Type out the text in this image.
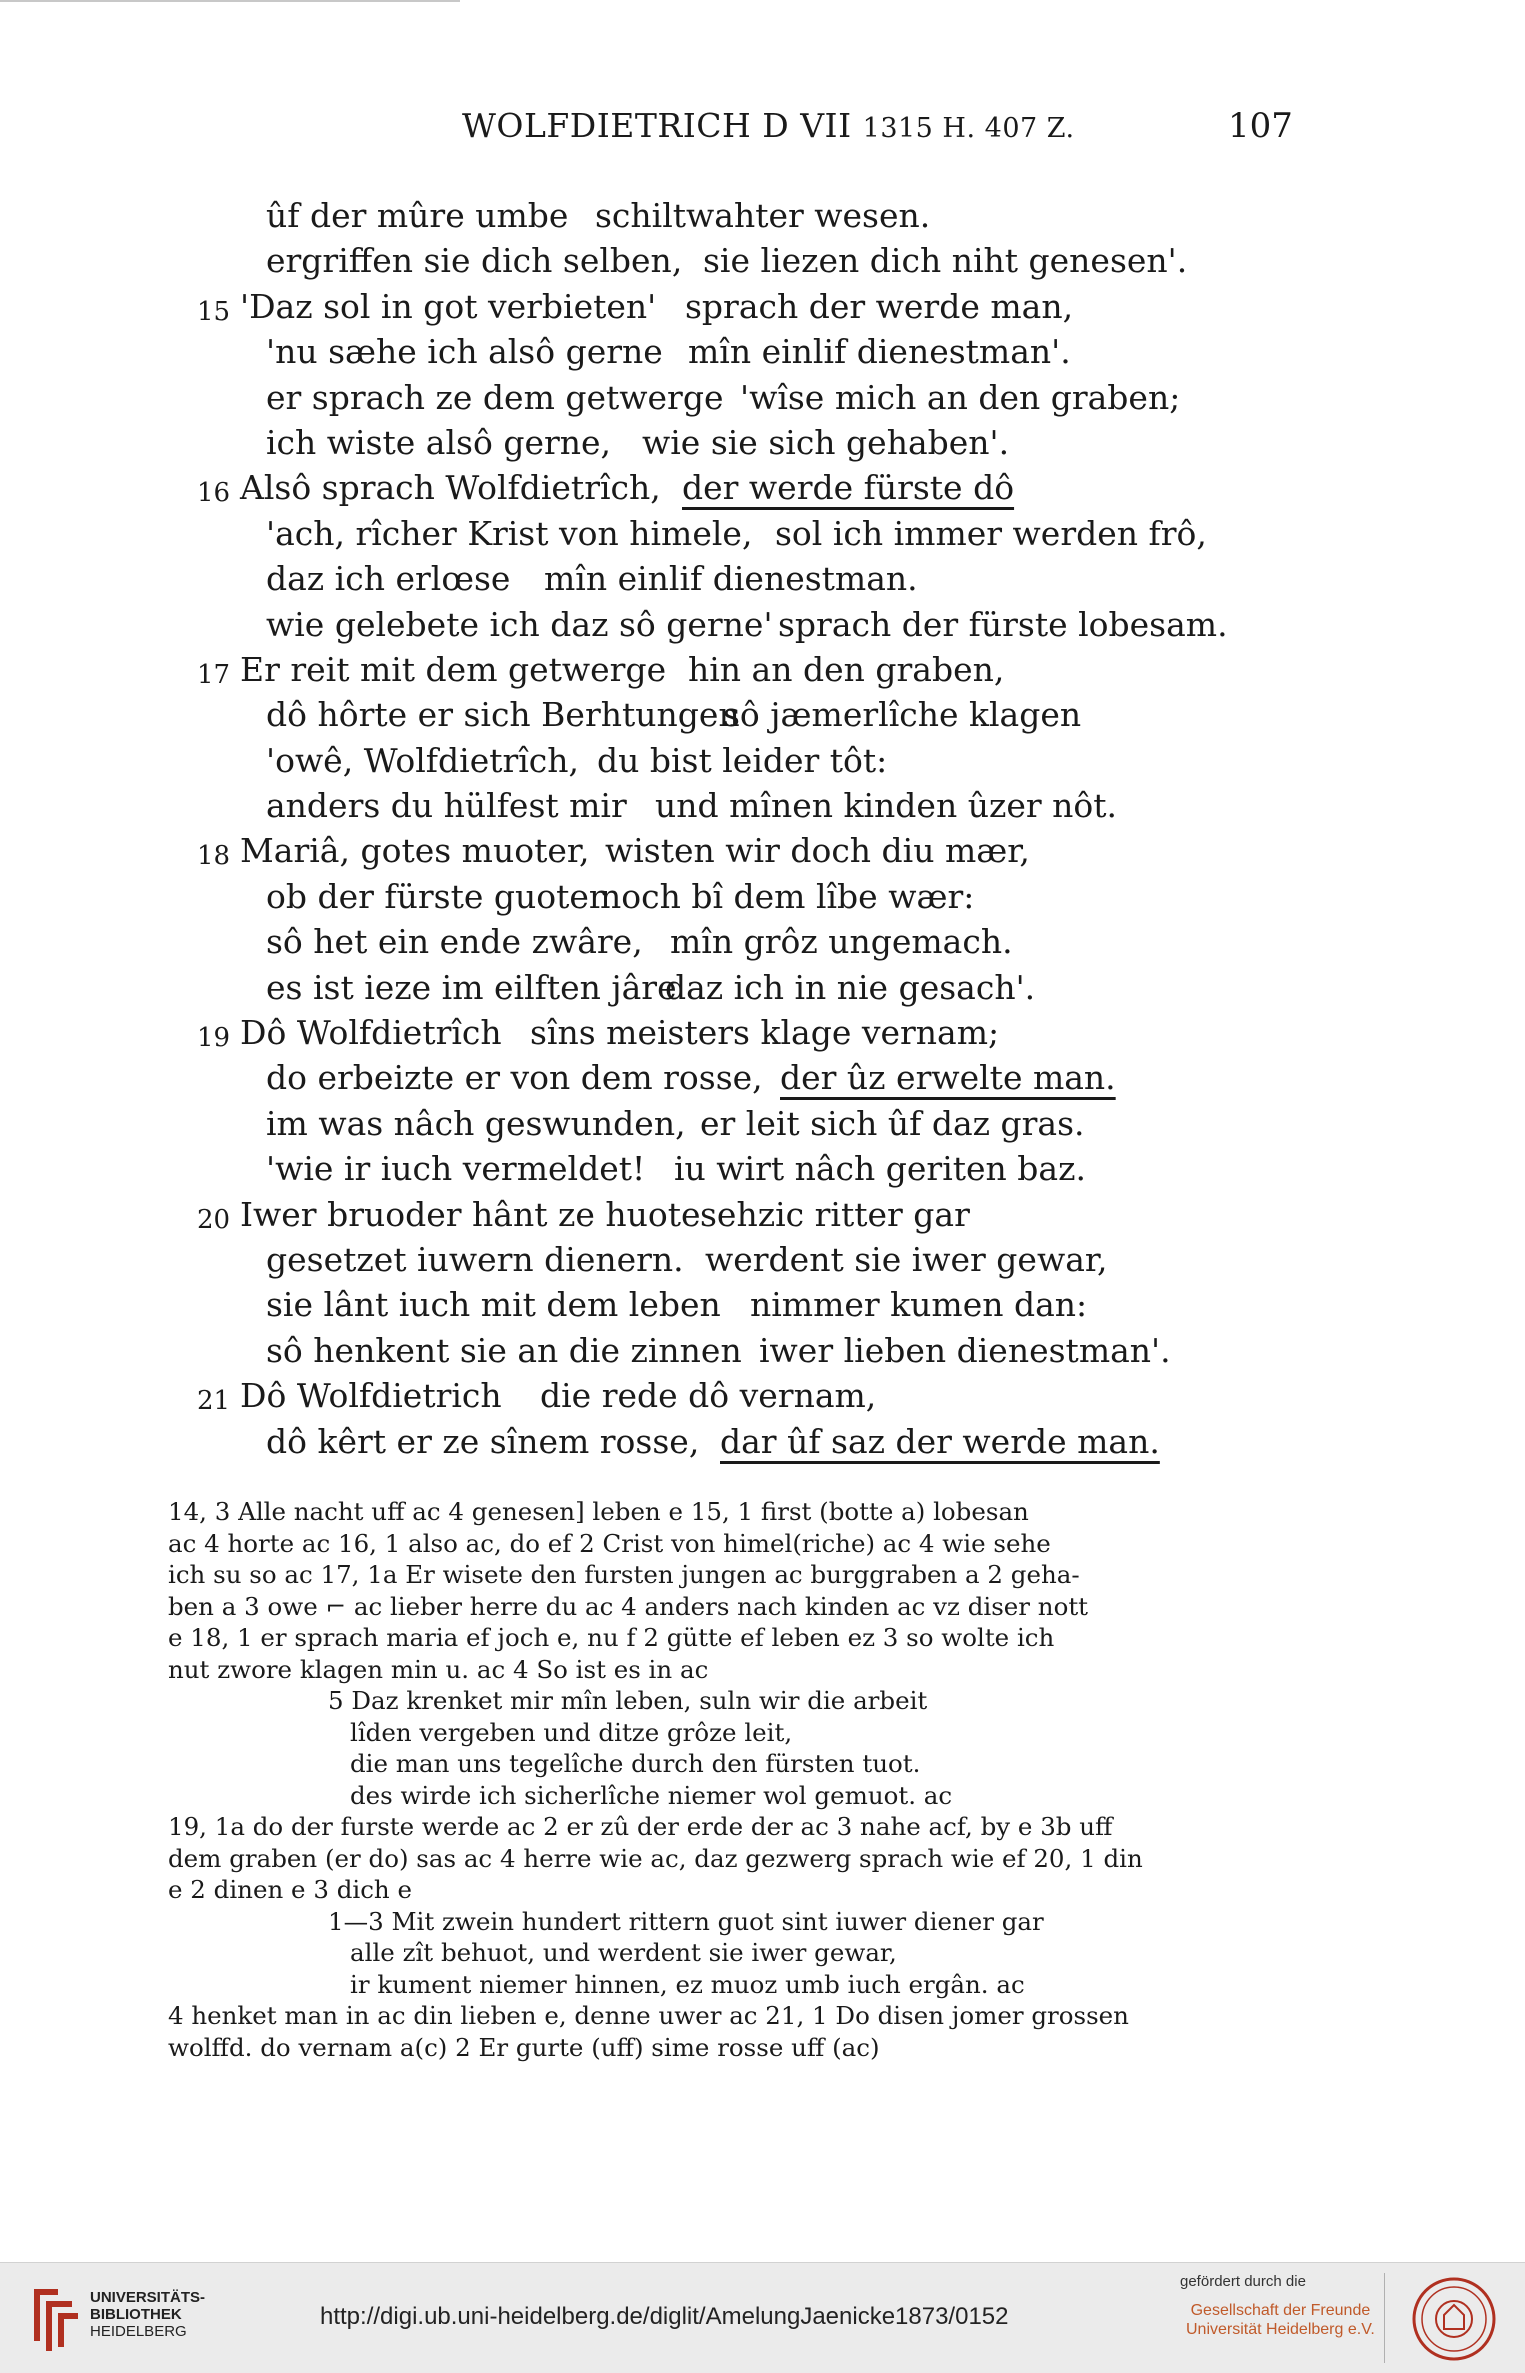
WOLFDIETRICH D VII 1315 H. 407 Z.	107
ûf der mûre umbe schiltwahter wesen.
ergriffen sie dich selben, sie liezen dich niht genesen'.
15 'Daz sol in got verbieten' sprach der werde man,
'nu sæhe ich alsô gerne mîn einlif dienestman'.
er sprach ze dem getwerge 'wîse mich an den graben;
ich wiste alsô gerne, wie sie sich gehaben'.
16 Alsô sprach Wolfdietrîch, der werde fürste dô
'ach, rîcher Krist von himele, sol ich immer werden frô,
daz ich erlœse mîn einlif dienestman.
wie gelebete ich daz sô gerne' sprach der fürste lobesam.
17 Er reit mit dem getwerge hin an den graben,
dô hôrte er sich Berhtungen
sô jæmerlîche klagen
'owê, Wolfdietrîch, du bist leider tôt:
anders du hülfest mir und mînen kinden ûzer nôt.
18 Mariâ, gotes muoter, wisten wir doch diu mær,
ob der fürste guoter
noch bî dem lîbe wær:
sô het ein ende zwâre, mîn grôz ungemach.
es ist ieze im eilften jâre
daz ich in nie gesach'.
19 Dô Wolfdietrîch sîns meisters klage vernam;
do erbeizte er von dem rosse, der ûz erwelte man.
im was nâch geswunden, er leit sich ûf daz gras.
'wie ir iuch vermeldet! iu wirt nâch geriten baz.
20 Iwer bruoder hânt ze huote sehzic ritter gar
gesetzet iuwern dienern. werdent sie iwer gewar,
sie lânt iuch mit dem leben nimmer kumen dan:
sô henkent sie an die zinnen iwer lieben dienestman'.
21 Dô Wolfdietrich die rede dô vernam,
dô kêrt er ze sînem rosse, dar ûf saz der werde man.
14, 3 Alle nacht uff ac 4 genesen] leben e 15, 1 first (botte a) lobesan
ac 4 horte ac 16, 1 also ac, do ef 2 Crist von himel(riche) ac 4 wie sehe
ich su so ac 17, 1a Er wisete den fursten jungen ac burggraben a 2 geha-
ben a 3 owe ⌐ ac lieber herre du ac 4 anders nach kinden ac vz diser nott
e 18, 1 er sprach maria ef joch e, nu f 2 gütte ef leben ez 3 so wolte ich
nut zwore klagen min u. ac 4 So ist es in ac
5 Daz krenket mir mîn leben, suln wir die arbeit
lîden vergeben und ditze grôze leit,
die man uns tegelîche durch den fürsten tuot.
des wirde ich sicherlîche niemer wol gemuot. ac
19, 1a do der furste werde ac 2 er zû der erde der ac 3 nahe acf, by e 3b uff
dem graben (er do) sas ac 4 herre wie ac, daz gezwerg sprach wie ef 20, 1 din
e 2 dinen e 3 dich e
1—3 Mit zwein hundert rittern guot sint iuwer diener gar
alle zît behuot, und werdent sie iwer gewar,
ir kument niemer hinnen, ez muoz umb iuch ergân. ac
4 henket man in ac din lieben e, denne uwer ac 21, 1 Do disen jomer grossen
wolffd. do vernam a(c) 2 Er gurte (uff) sime rosse uff (ac)
UNIVERSITÄTS-
BIBLIOTHEK
HEIDELBERG
http://digi.ub.uni-heidelberg.de/diglit/AmelungJaenicke1873/0152
gefördert durch die
Gesellschaft der Freunde
Universität Heidelberg e.V.
